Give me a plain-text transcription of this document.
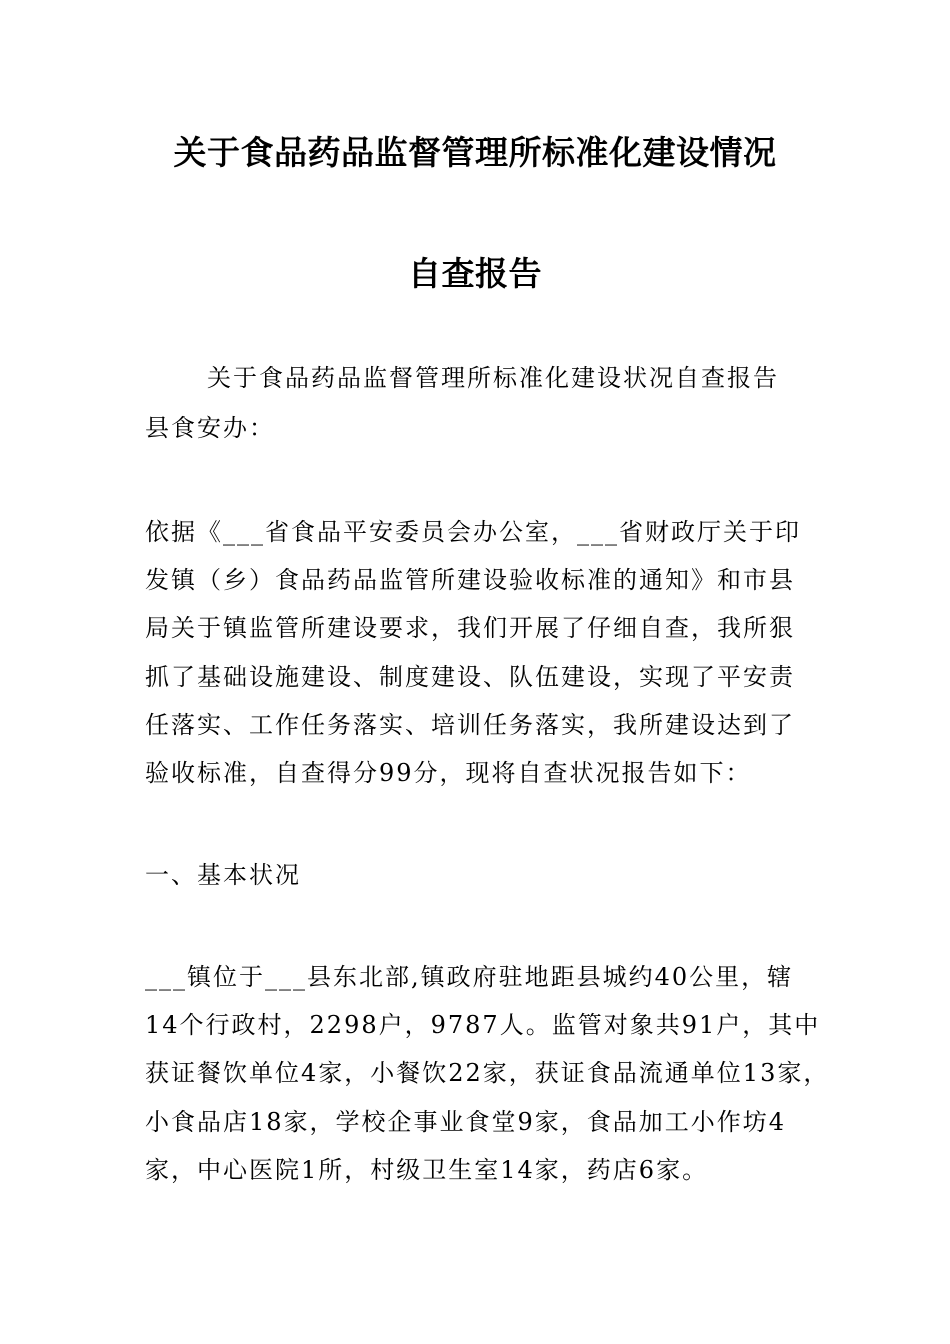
关于食品药品监督管理所标准化建设情况
自查报告

关于食品药品监督管理所标准化建设状况自查报告

县食安办：

依据《___省食品平安委员会办公室，___省财政厅关于印
发镇（乡）食品药品监管所建设验收标准的通知》和市县
局关于镇监管所建设要求，我们开展了仔细自查，我所狠
抓了基础设施建设、制度建设、队伍建设，实现了平安责
任落实、工作任务落实、培训任务落实，我所建设达到了
验收标准，自查得分99分，现将自查状况报告如下：

一、基本状况

___镇位于___县东北部,镇政府驻地距县城约40公里，辖
14个行政村，2298户，9787人。监管对象共91户，其中
获证餐饮单位4家，小餐饮22家，获证食品流通单位13家，
小食品店18家，学校企事业食堂9家，食品加工小作坊4
家，中心医院1所，村级卫生室14家，药店6家。
